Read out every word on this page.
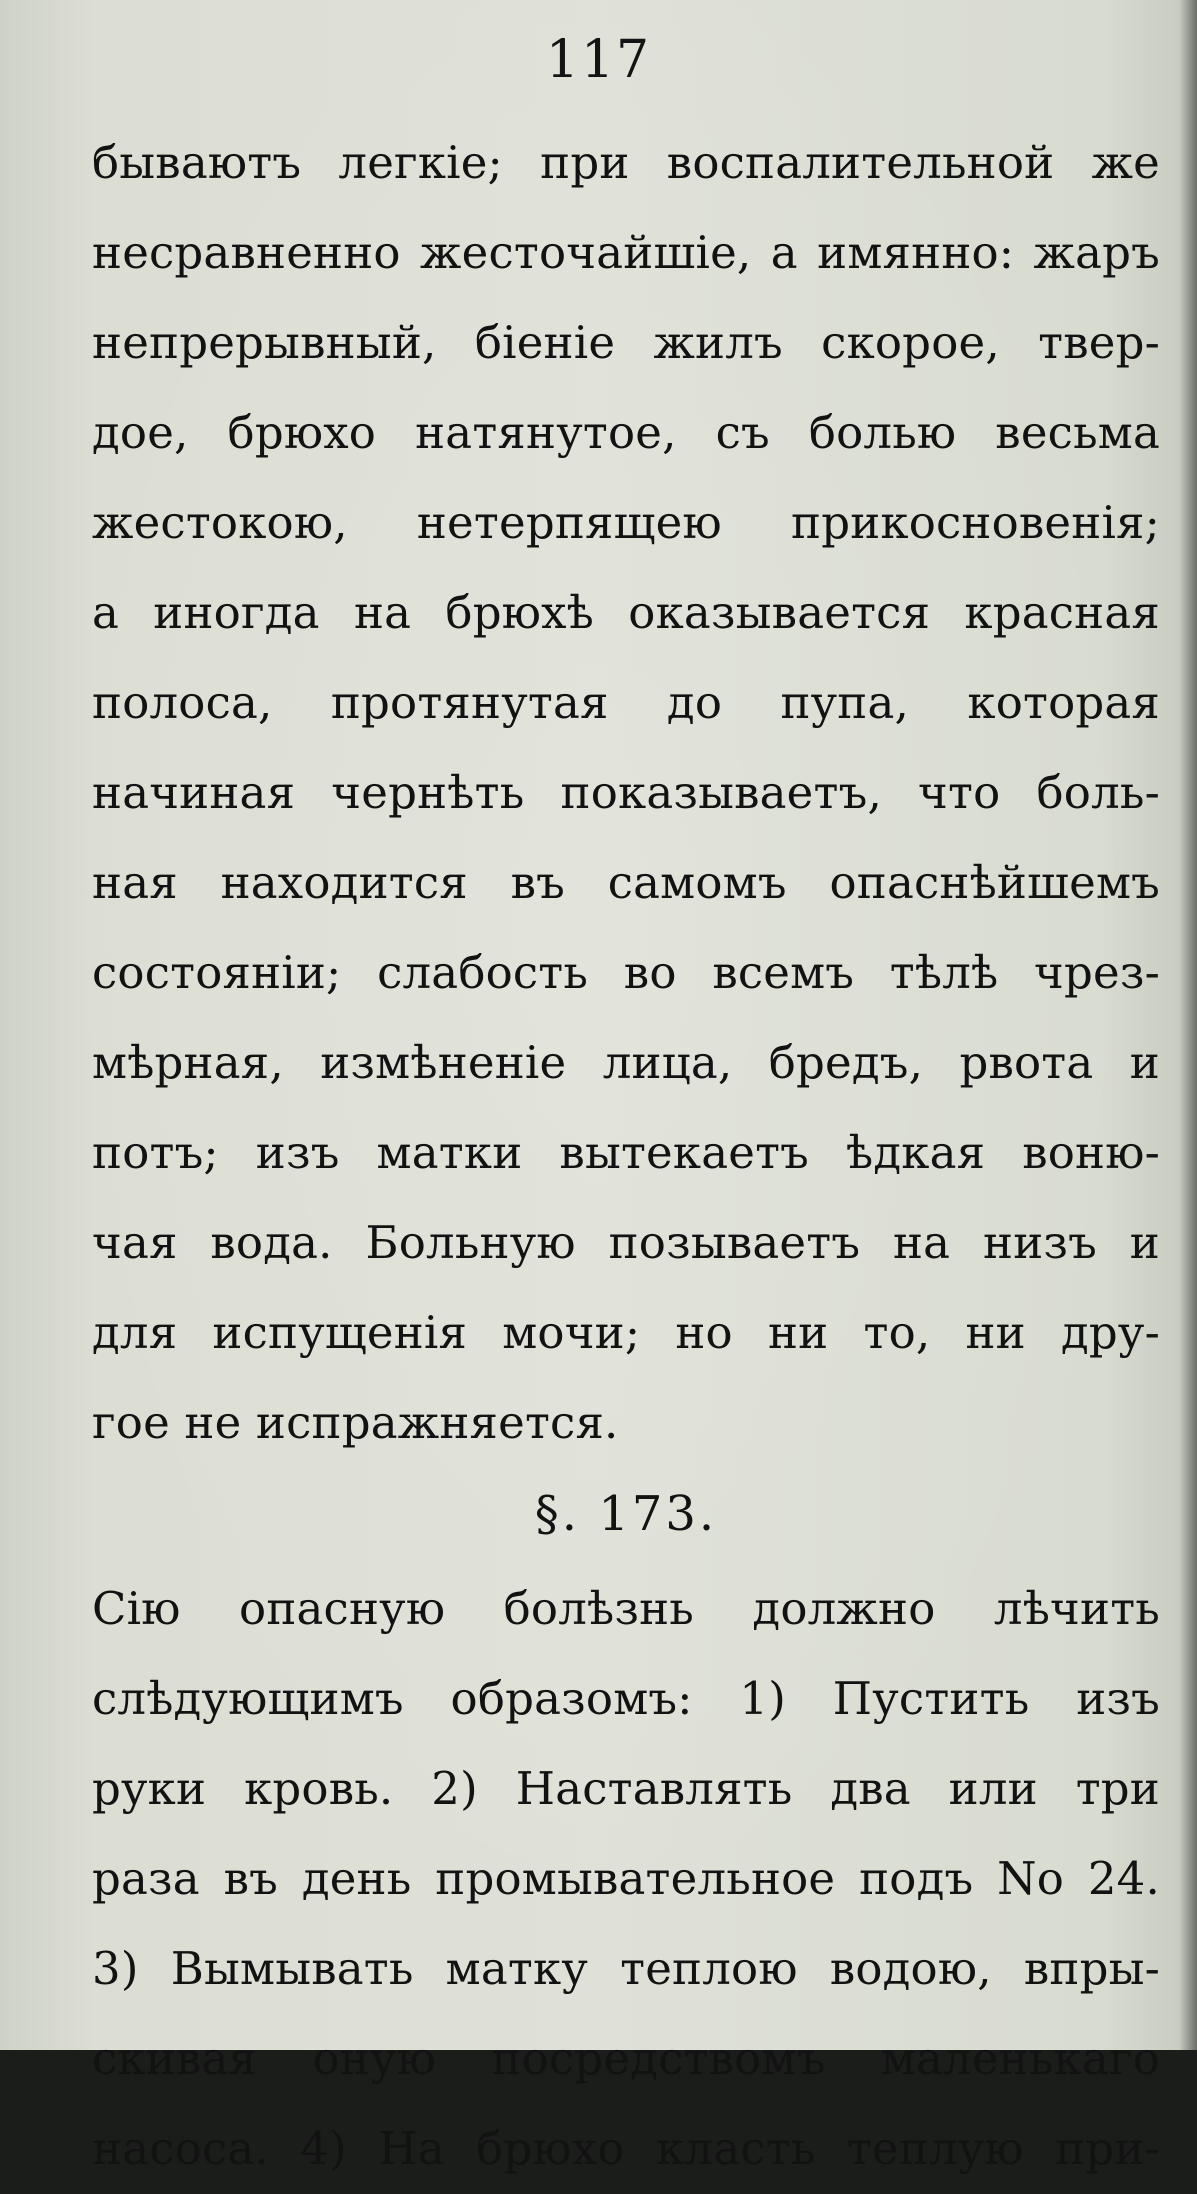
117
бываютъ легкіе; при воспалительной же
несравненно жесточайшіе, а имянно: жаръ
непрерывный, біеніе жилъ скорое, твер-
дое, брюхо натянутое, съ болью весьма
жестокою, нетерпящею прикосновенія;
а иногда на брюхѣ оказывается красная
полоса, протянутая до пупа, которая
начиная чернѣть показываетъ, что боль-
ная находится въ самомъ опаснѣйшемъ
состояніи; слабость во всемъ тѣлѣ чрез-
мѣрная, измѣненіе лица, бредъ, рвота и
потъ; изъ матки вытекаетъ ѣдкая воню-
чая вода. Больную позываетъ на низъ и
для испущенія мочи; но ни то, ни дру-
гое не испражняется.
§. 173.
Сію опасную болѣзнь должно лѣчить
слѣдующимъ образомъ: 1) Пустить изъ
руки кровь. 2) Наставлять два или три
раза въ день промывательное подъ No 24.
3) Вымывать матку теплою водою, впры-
скивая оную посредствомъ маленькаго
насоса. 4) На брюхо класть теплую при-
